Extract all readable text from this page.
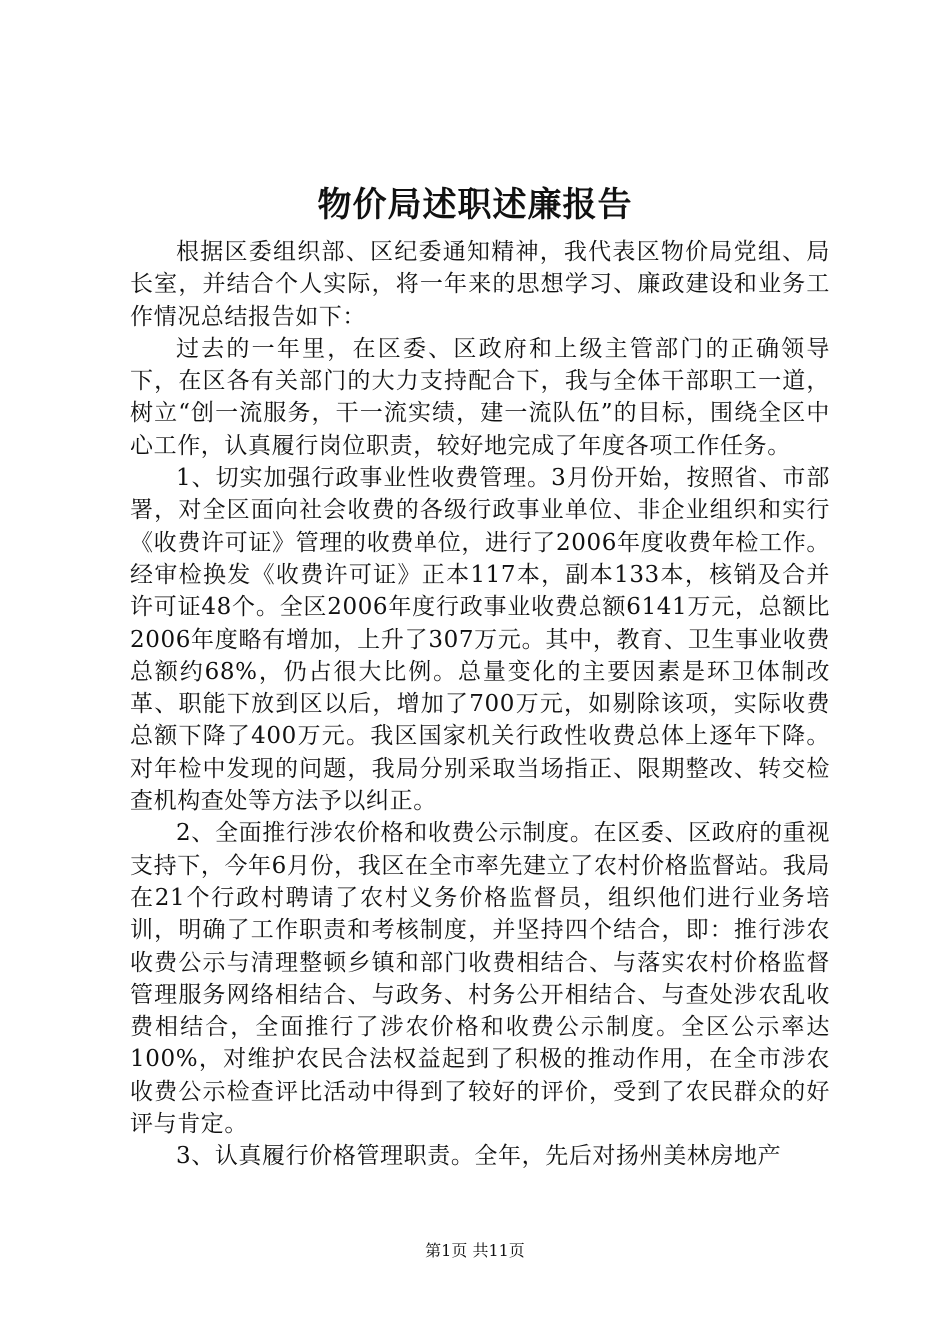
物价局述职述廉报告

根据区委组织部、区纪委通知精神，我代表区物价局党组、局长室，并结合个人实际，将一年来的思想学习、廉政建设和业务工作情况总结报告如下：

过去的一年里，在区委、区政府和上级主管部门的正确领导下，在区各有关部门的大力支持配合下，我与全体干部职工一道，树立“创一流服务，干一流实绩，建一流队伍”的目标，围绕全区中心工作，认真履行岗位职责，较好地完成了年度各项工作任务。

1、切实加强行政事业性收费管理。3月份开始，按照省、市部署，对全区面向社会收费的各级行政事业单位、非企业组织和实行《收费许可证》管理的收费单位，进行了2006年度收费年检工作。经审检换发《收费许可证》正本117本，副本133本，核销及合并许可证48个。全区2006年度行政事业收费总额6141万元，总额比2006年度略有增加，上升了307万元。其中，教育、卫生事业收费总额约68%，仍占很大比例。总量变化的主要因素是环卫体制改革、职能下放到区以后，增加了700万元，如剔除该项，实际收费总额下降了400万元。我区国家机关行政性收费总体上逐年下降。对年检中发现的问题，我局分别采取当场指正、限期整改、转交检查机构查处等方法予以纠正。

2、全面推行涉农价格和收费公示制度。在区委、区政府的重视支持下，今年6月份，我区在全市率先建立了农村价格监督站。我局在21个行政村聘请了农村义务价格监督员，组织他们进行业务培训，明确了工作职责和考核制度，并坚持四个结合，即：推行涉农收费公示与清理整顿乡镇和部门收费相结合、与落实农村价格监督管理服务网络相结合、与政务、村务公开相结合、与查处涉农乱收费相结合，全面推行了涉农价格和收费公示制度。全区公示率达100%，对维护农民合法权益起到了积极的推动作用，在全市涉农收费公示检查评比活动中得到了较好的评价，受到了农民群众的好评与肯定。

3、认真履行价格管理职责。全年，先后对扬州美林房地产

第1页 共11页
